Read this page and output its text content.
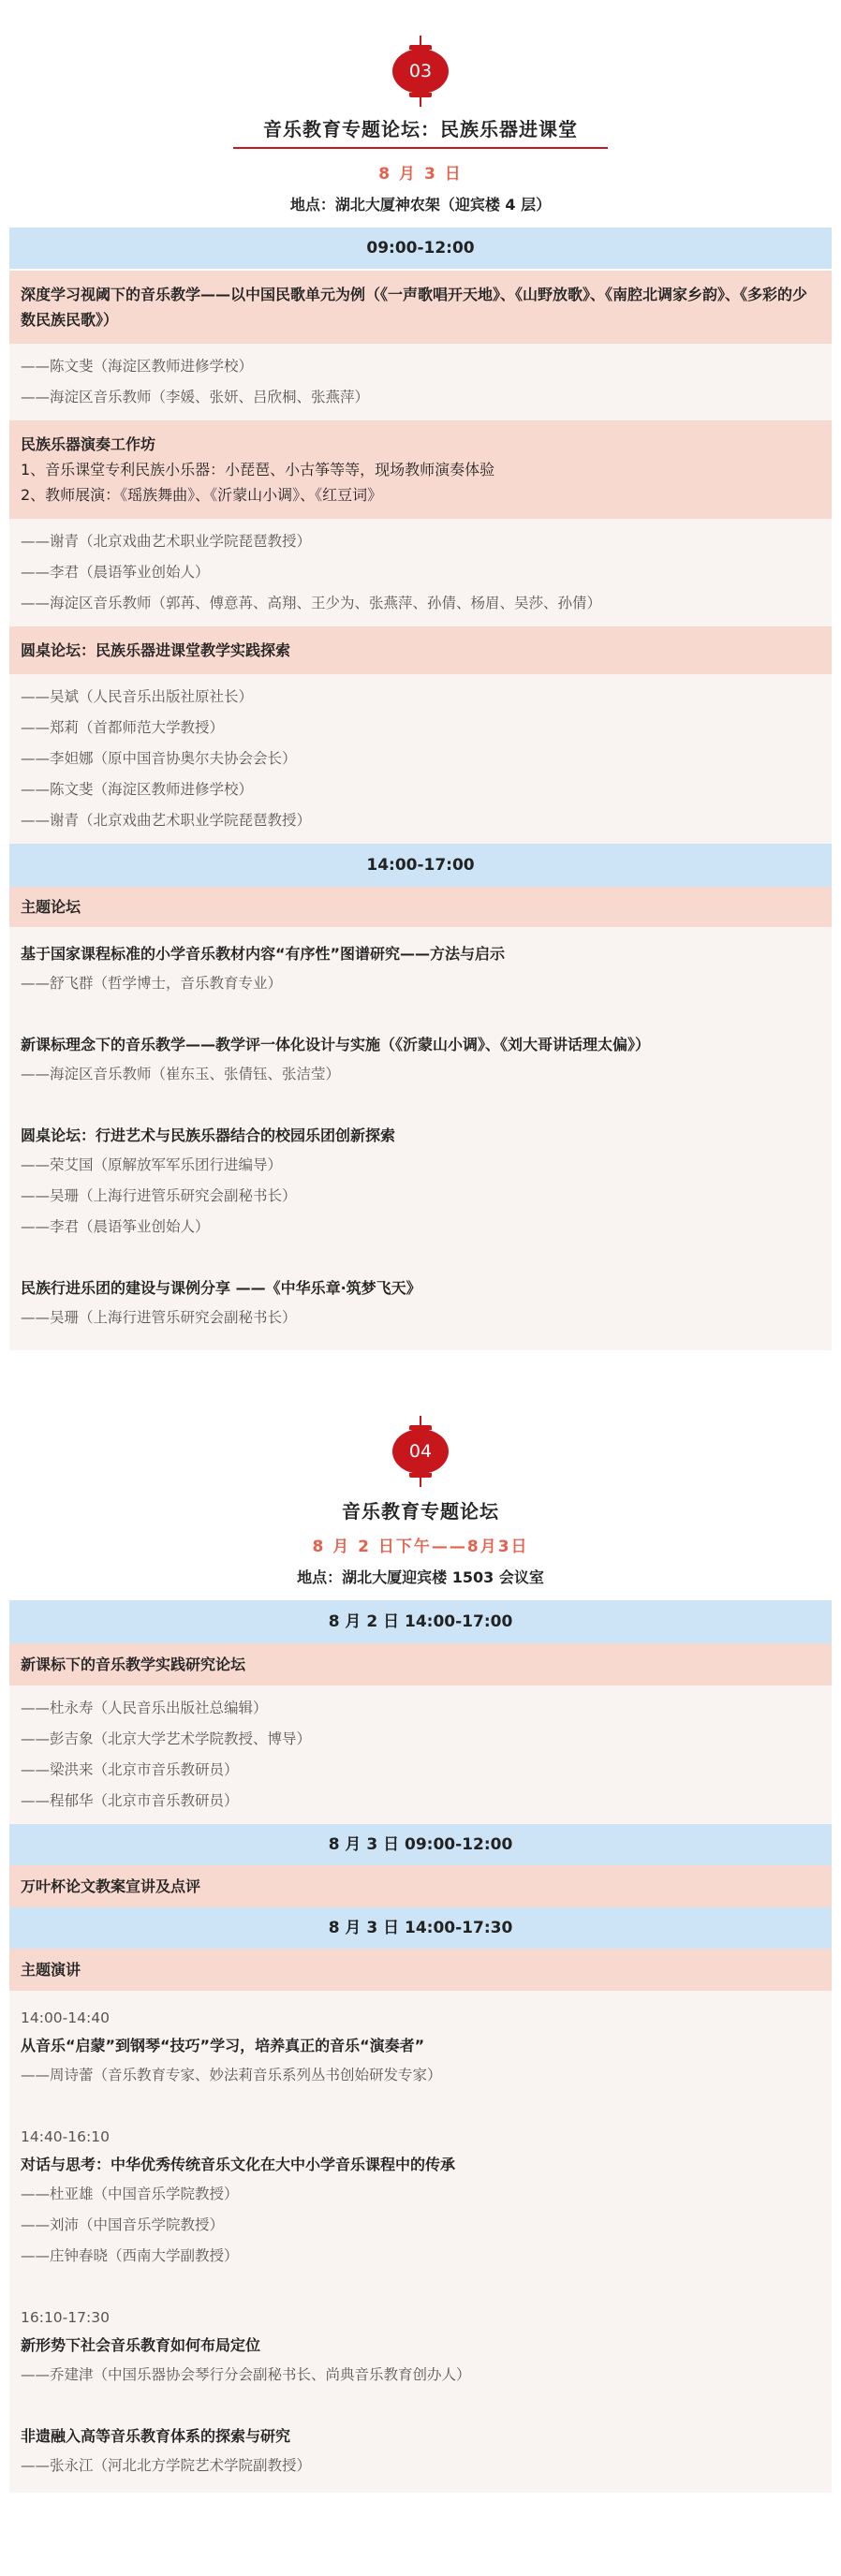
03
音乐教育专题论坛：民族乐器进课堂
8 月 3 日
地点：湖北大厦神农架（迎宾楼 4 层）
09:00-12:00
深度学习视阈下的音乐教学——以中国民歌单元为例（《一声歌唱开天地》、《山野放歌》、《南腔北调家乡韵》、《多彩的少数民族民歌》）
——陈文斐（海淀区教师进修学校）
——海淀区音乐教师（李媛、张妍、吕欣桐、张燕萍）
民族乐器演奏工作坊
1、音乐课堂专利民族小乐器：小琵琶、小古筝等等，现场教师演奏体验
2、教师展演：《瑶族舞曲》、《沂蒙山小调》、《红豆词》
——谢青（北京戏曲艺术职业学院琵琶教授）
——李君（晨语筝业创始人）
——海淀区音乐教师（郭苒、傅意苒、高翔、王少为、张燕萍、孙倩、杨眉、吴莎、孙倩）
圆桌论坛：民族乐器进课堂教学实践探索
——吴斌（人民音乐出版社原社长）
——郑莉（首都师范大学教授）
——李妲娜（原中国音协奥尔夫协会会长）
——陈文斐（海淀区教师进修学校）
——谢青（北京戏曲艺术职业学院琵琶教授）
14:00-17:00
主题论坛
基于国家课程标准的小学音乐教材内容“有序性”图谱研究——方法与启示
——舒飞群（哲学博士，音乐教育专业）
新课标理念下的音乐教学——教学评一体化设计与实施（《沂蒙山小调》、《刘大哥讲话理太偏》）
——海淀区音乐教师（崔东玉、张倩钰、张洁莹）
圆桌论坛：行进艺术与民族乐器结合的校园乐团创新探索
——荣艾国（原解放军军乐团行进编导）
——吴珊（上海行进管乐研究会副秘书长）
——李君（晨语筝业创始人）
民族行进乐团的建设与课例分享 ——《中华乐章·筑梦飞天》
——吴珊（上海行进管乐研究会副秘书长）
04
音乐教育专题论坛
8 月 2 日下午——8月3日
地点：湖北大厦迎宾楼 1503 会议室
8 月 2 日 14:00-17:00
新课标下的音乐教学实践研究论坛
——杜永寿（人民音乐出版社总编辑）
——彭吉象（北京大学艺术学院教授、博导）
——梁洪来（北京市音乐教研员）
——程郁华（北京市音乐教研员）
8 月 3 日 09:00-12:00
万叶杯论文教案宣讲及点评
8 月 3 日 14:00-17:30
主题演讲
14:00-14:40
从音乐“启蒙”到钢琴“技巧”学习，培养真正的音乐“演奏者”
——周诗蕾（音乐教育专家、妙法莉音乐系列丛书创始研发专家）
14:40-16:10
对话与思考：中华优秀传统音乐文化在大中小学音乐课程中的传承
——杜亚雄（中国音乐学院教授）
——刘沛（中国音乐学院教授）
——庄钟春晓（西南大学副教授）
16:10-17:30
新形势下社会音乐教育如何布局定位
——乔建津（中国乐器协会琴行分会副秘书长、尚典音乐教育创办人）
非遗融入高等音乐教育体系的探索与研究
——张永江（河北北方学院艺术学院副教授）
